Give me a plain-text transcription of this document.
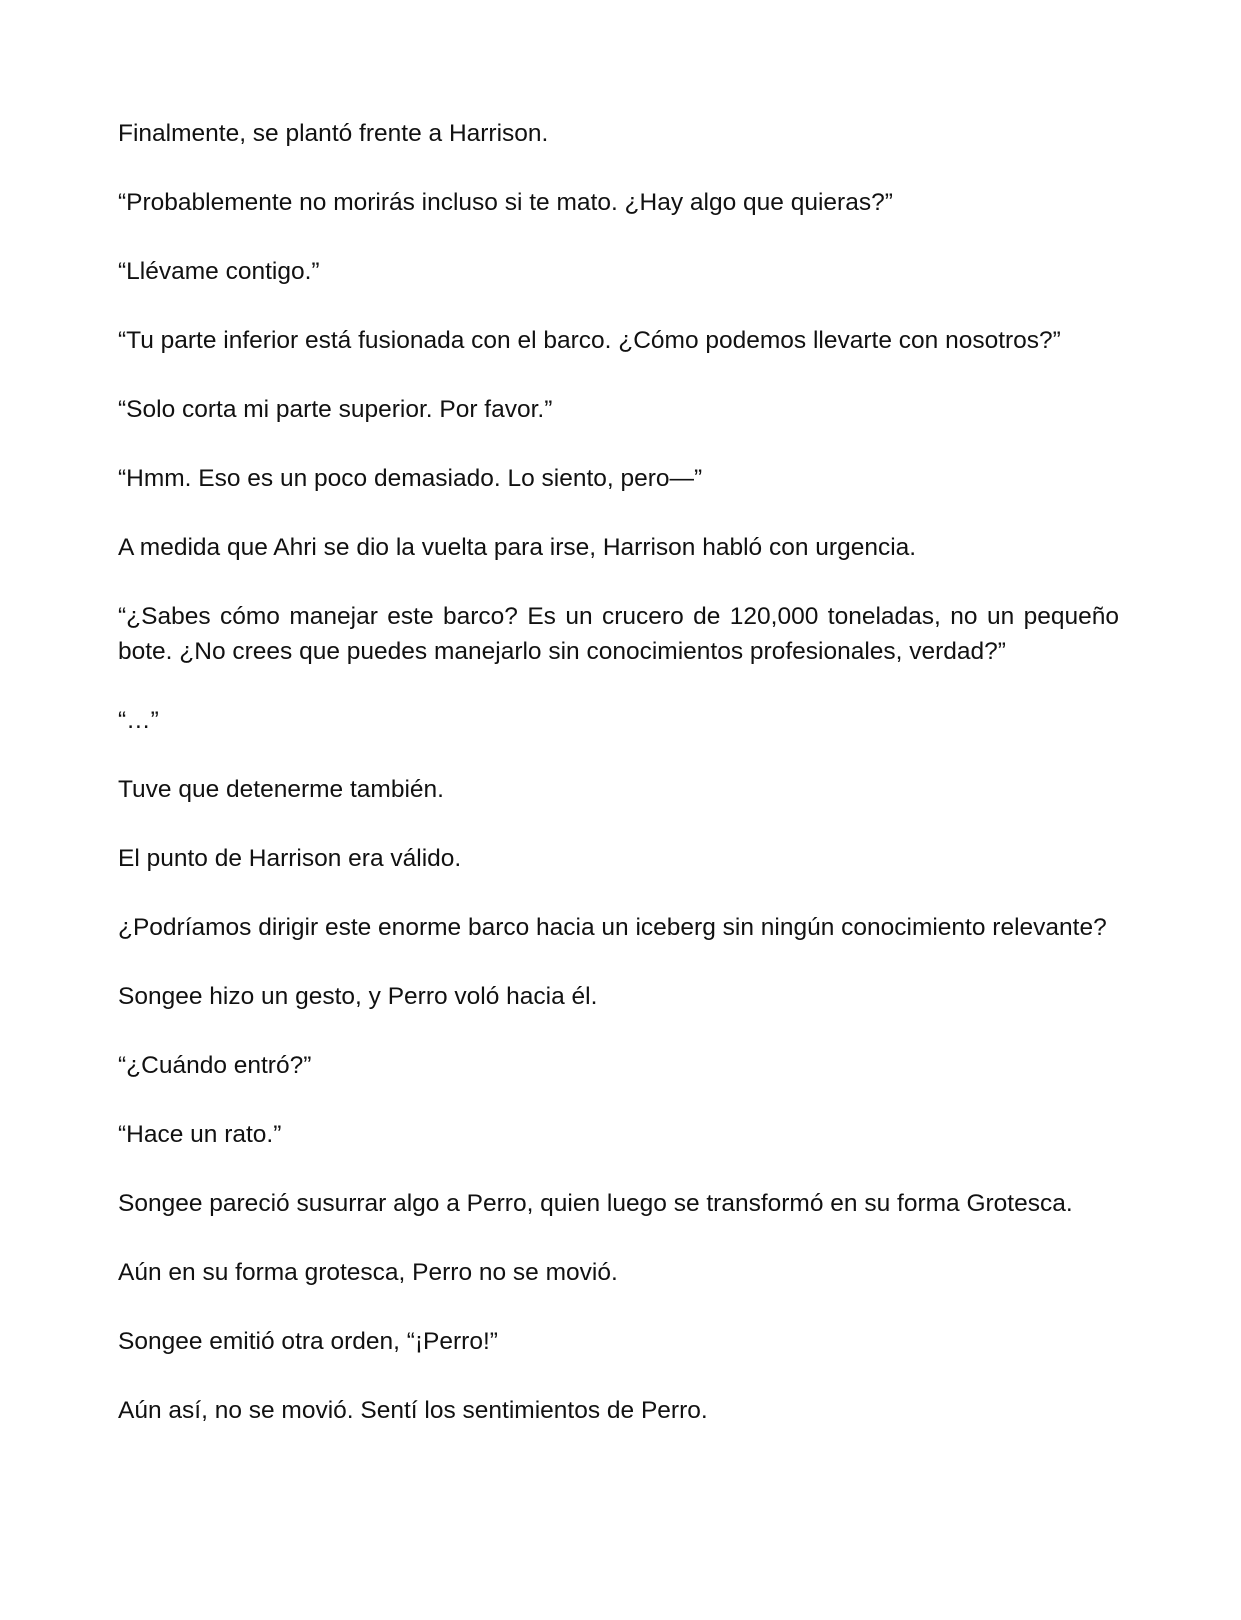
Finalmente, se plantó frente a Harrison.

“Probablemente no morirás incluso si te mato. ¿Hay algo que quieras?”

“Llévame contigo.”

“Tu parte inferior está fusionada con el barco. ¿Cómo podemos llevarte con nosotros?”

“Solo corta mi parte superior. Por favor.”

“Hmm. Eso es un poco demasiado. Lo siento, pero—”

A medida que Ahri se dio la vuelta para irse, Harrison habló con urgencia.

“¿Sabes cómo manejar este barco? Es un crucero de 120,000 toneladas, no un pequeño bote. ¿No crees que puedes manejarlo sin conocimientos profesionales, verdad?”

“…”

Tuve que detenerme también.

El punto de Harrison era válido.

¿Podríamos dirigir este enorme barco hacia un iceberg sin ningún conocimiento relevante?

Songee hizo un gesto, y Perro voló hacia él.

“¿Cuándo entró?”

“Hace un rato.”

Songee pareció susurrar algo a Perro, quien luego se transformó en su forma Grotesca.

Aún en su forma grotesca, Perro no se movió.

Songee emitió otra orden, “¡Perro!”

Aún así, no se movió. Sentí los sentimientos de Perro.
